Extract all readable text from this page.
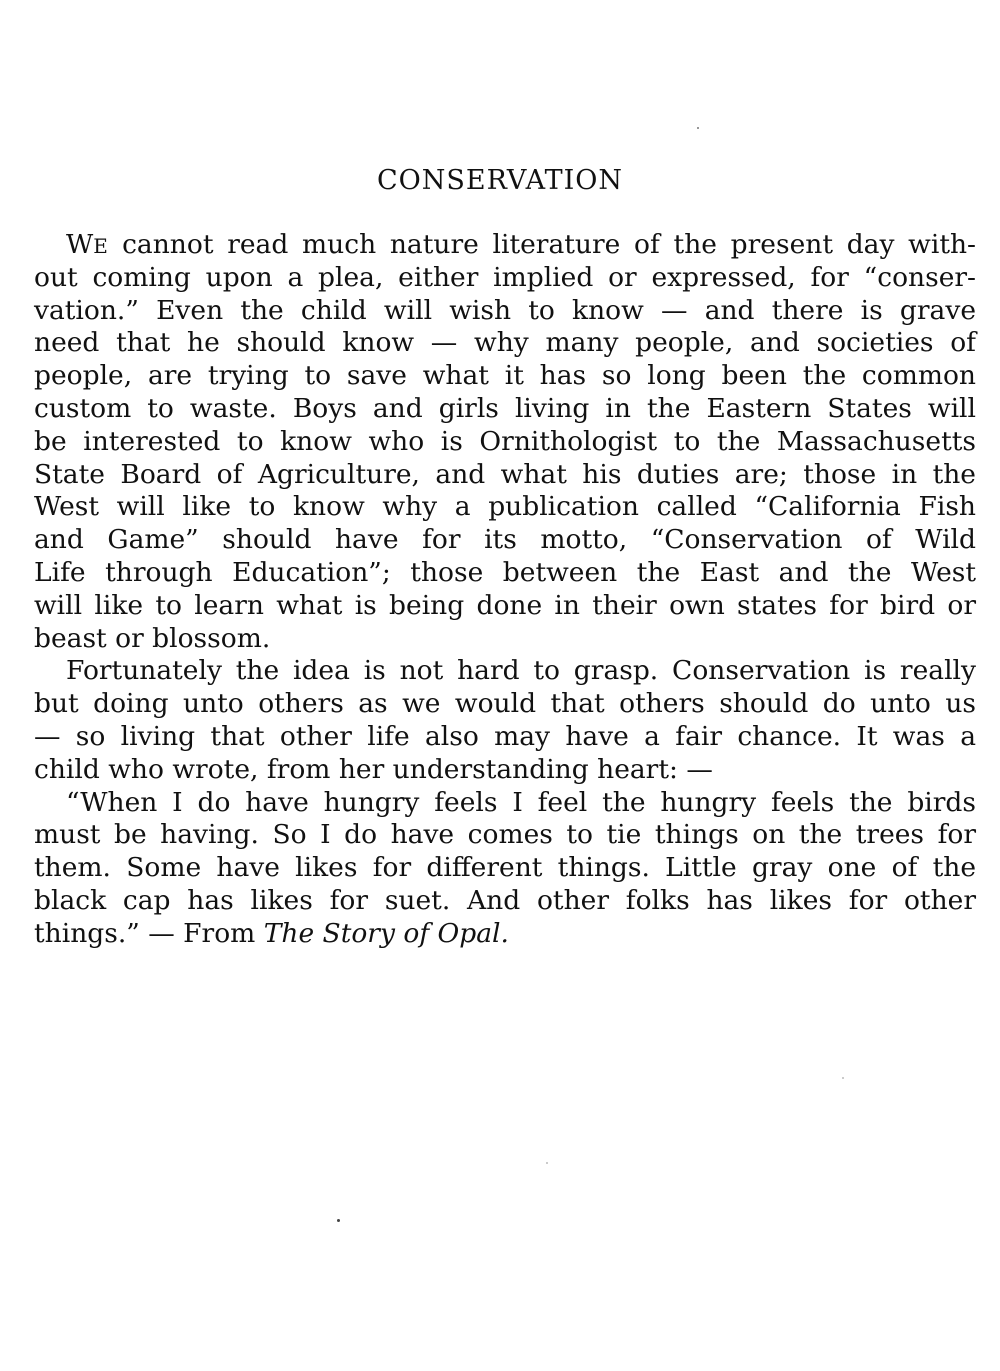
CONSERVATION
WE cannot read much nature literature of the present day with-
out coming upon a plea, either implied or expressed, for “conser-
vation.” Even the child will wish to know — and there is grave
need that he should know — why many people, and societies of
people, are trying to save what it has so long been the common
custom to waste. Boys and girls living in the Eastern States will
be interested to know who is Ornithologist to the Massachusetts
State Board of Agriculture, and what his duties are; those in the
West will like to know why a publication called “California Fish
and Game” should have for its motto, “Conservation of Wild
Life through Education”; those between the East and the West
will like to learn what is being done in their own states for bird or
beast or blossom.
Fortunately the idea is not hard to grasp. Conservation is really
but doing unto others as we would that others should do unto us
— so living that other life also may have a fair chance. It was a
child who wrote, from her understanding heart: —
“When I do have hungry feels I feel the hungry feels the birds
must be having. So I do have comes to tie things on the trees for
them. Some have likes for different things. Little gray one of the
black cap has likes for suet. And other folks has likes for other
things.” — From The Story of Opal.
